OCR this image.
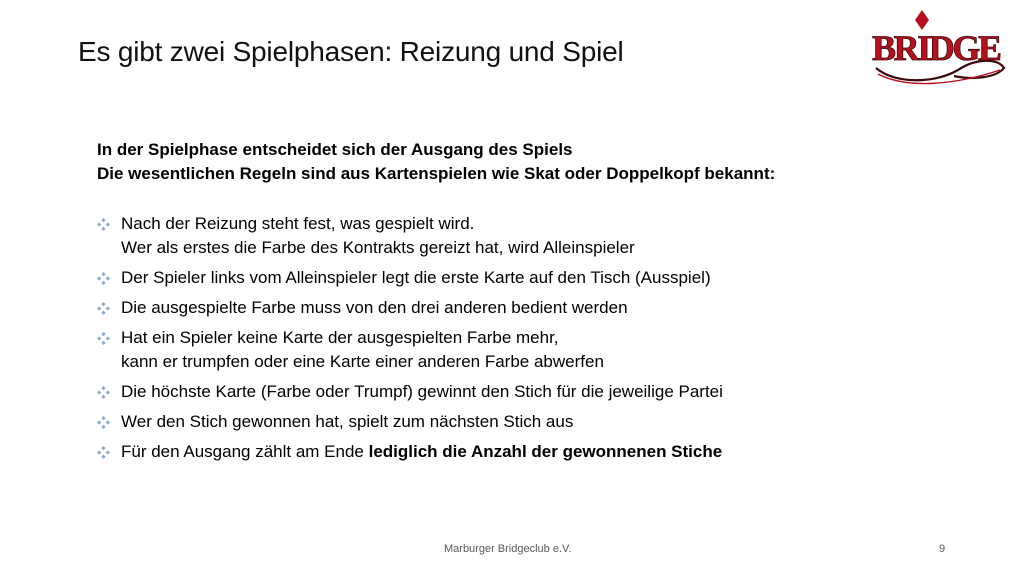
Es gibt zwei Spielphasen: Reizung und Spiel	BRIDGE
In der Spielphase entscheidet sich der Ausgang des Spiels
Die wesentlichen Regeln sind aus Kartenspielen wie Skat oder Doppelkopf bekannt:
Nach der Reizung steht fest, was gespielt wird.
Wer als erstes die Farbe des Kontrakts gereizt hat, wird Alleinspieler
Der Spieler links vom Alleinspieler legt die erste Karte auf den Tisch (Ausspiel)
Die ausgespielte Farbe muss von den drei anderen bedient werden
Hat ein Spieler keine Karte der ausgespielten Farbe mehr,
kann er trumpfen oder eine Karte einer anderen Farbe abwerfen
Die höchste Karte (Farbe oder Trumpf) gewinnt den Stich für die jeweilige Partei
Wer den Stich gewonnen hat, spielt zum nächsten Stich aus
Für den Ausgang zählt am Ende lediglich die Anzahl der gewonnenen Stiche
Marburger Bridgeclub e.V.	9
